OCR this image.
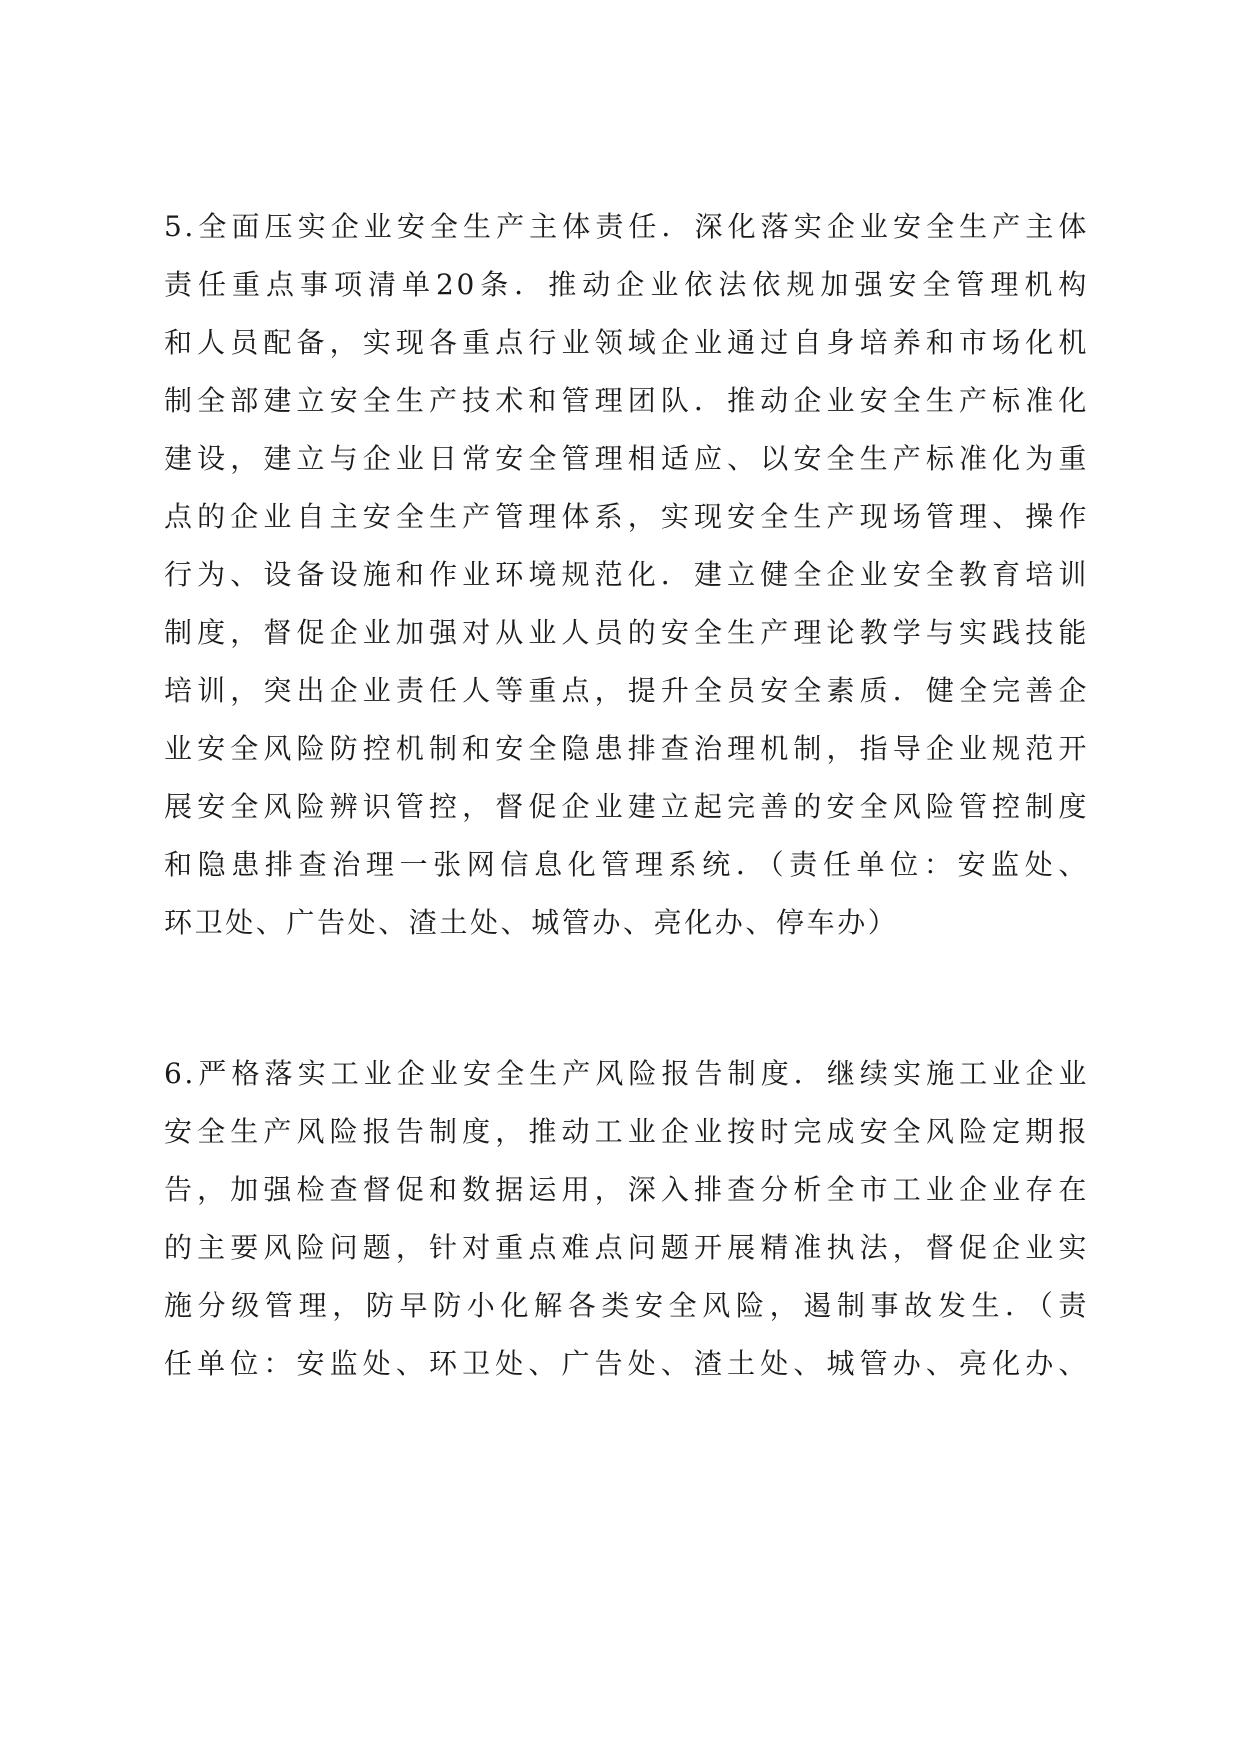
5.全面压实企业安全生产主体责任．深化落实企业安全生产主体
责任重点事项清单20条．推动企业依法依规加强安全管理机构
和人员配备，实现各重点行业领域企业通过自身培养和市场化机
制全部建立安全生产技术和管理团队．推动企业安全生产标准化
建设，建立与企业日常安全管理相适应、以安全生产标准化为重
点的企业自主安全生产管理体系，实现安全生产现场管理、操作
行为、设备设施和作业环境规范化．建立健全企业安全教育培训
制度，督促企业加强对从业人员的安全生产理论教学与实践技能
培训，突出企业责任人等重点，提升全员安全素质．健全完善企
业安全风险防控机制和安全隐患排查治理机制，指导企业规范开
展安全风险辨识管控，督促企业建立起完善的安全风险管控制度
和隐患排查治理一张网信息化管理系统．（责任单位：安监处、
环卫处、广告处、渣土处、城管办、亮化办、停车办）
6.严格落实工业企业安全生产风险报告制度．继续实施工业企业
安全生产风险报告制度，推动工业企业按时完成安全风险定期报
告，加强检查督促和数据运用，深入排查分析全市工业企业存在
的主要风险问题，针对重点难点问题开展精准执法，督促企业实
施分级管理，防早防小化解各类安全风险，遏制事故发生．（责
任单位：安监处、环卫处、广告处、渣土处、城管办、亮化办、
